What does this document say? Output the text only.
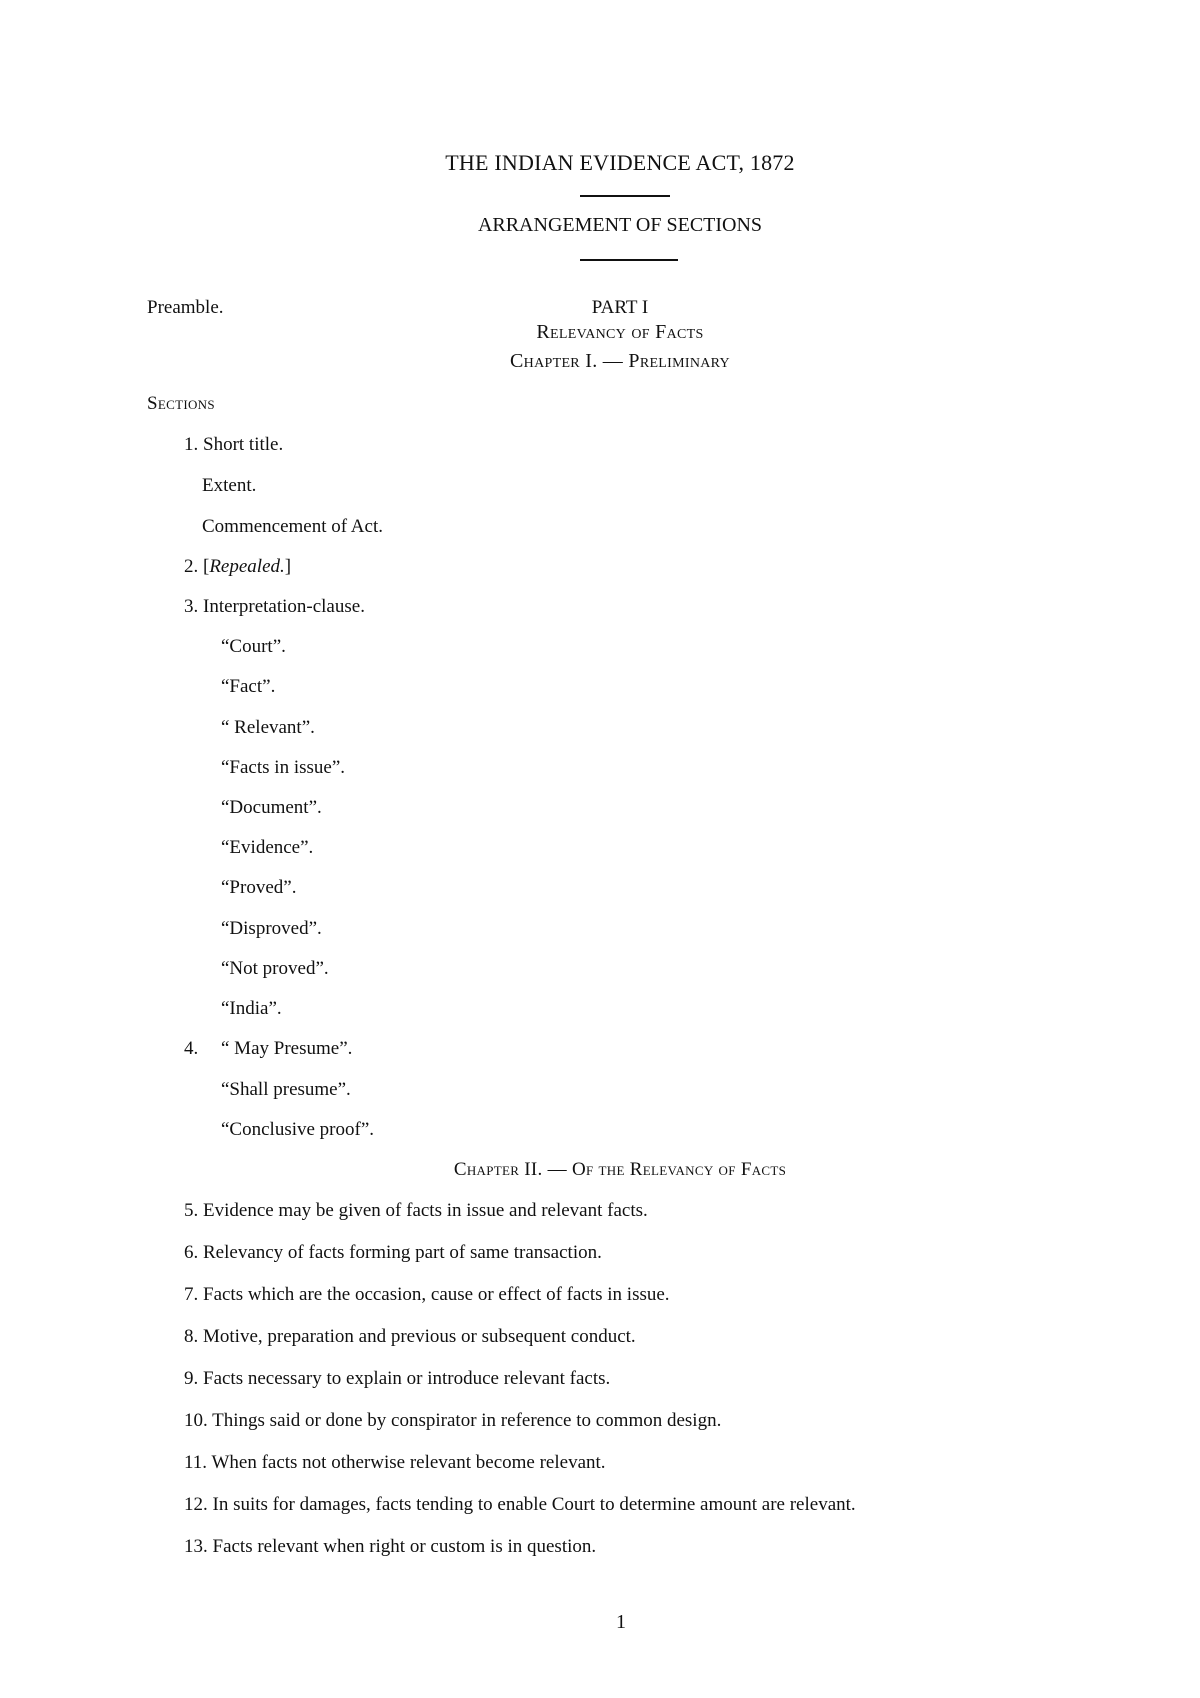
THE INDIAN EVIDENCE ACT, 1872
ARRANGEMENT OF SECTIONS
Preamble.	PART I
Relevancy of Facts
Chapter I. — Preliminary
Sections
1. Short title.
Extent.
Commencement of Act.
2. [Repealed.]
3. Interpretation-clause.
“Court”.
“Fact”.
“ Relevant”.
“Facts in issue”.
“Document”.
“Evidence”.
“Proved”.
“Disproved”.
“Not proved”.
“India”.
4. “ May Presume”.
“Shall presume”.
“Conclusive proof”.
Chapter II. — Of the Relevancy of Facts
5. Evidence may be given of facts in issue and relevant facts.
6. Relevancy of facts forming part of same transaction.
7. Facts which are the occasion, cause or effect of facts in issue.
8. Motive, preparation and previous or subsequent conduct.
9. Facts necessary to explain or introduce relevant facts.
10. Things said or done by conspirator in reference to common design.
11. When facts not otherwise relevant become relevant.
12. In suits for damages, facts tending to enable Court to determine amount are relevant.
13. Facts relevant when right or custom is in question.
1
